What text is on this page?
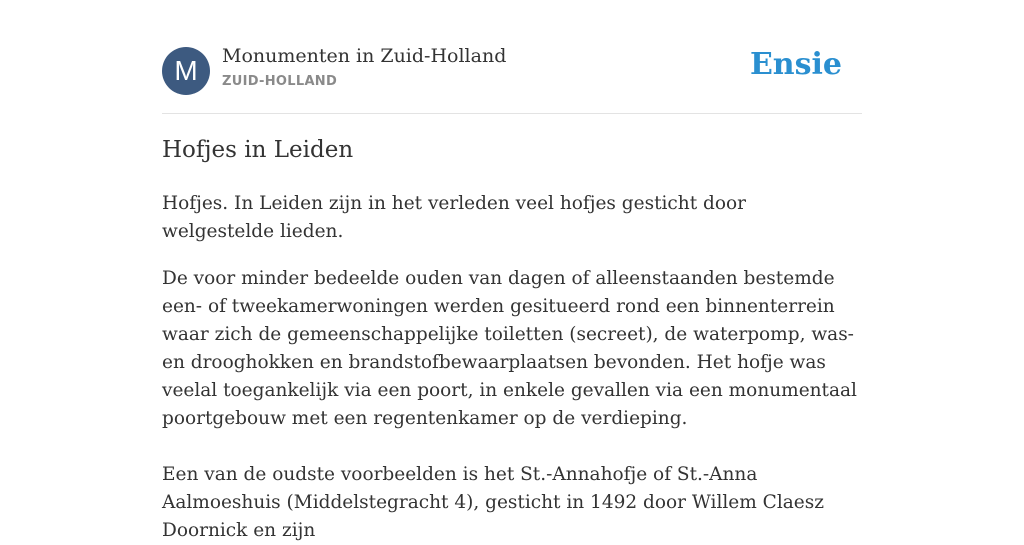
M	Monumenten in Zuid-Holland
ZUID-HOLLAND	Ensie
Hofjes in Leiden

Hofjes. In Leiden zijn in het verleden veel hofjes gesticht door welgestelde lieden.

De voor minder bedeelde ouden van dagen of alleenstaanden bestemde een- of tweekamerwoningen werden gesitueerd rond een binnenterrein waar zich de gemeenschappelijke toiletten (secreet), de waterpomp, was- en drooghokken en brandstofbewaarplaatsen bevonden. Het hofje was veelal toegankelijk via een poort, in enkele gevallen via een monumentaal poortgebouw met een regentenkamer op de verdieping.

Een van de oudste voorbeelden is het St.-Annahofje of St.-Anna Aalmoeshuis (Middelstegracht 4), gesticht in 1492 door Willem Claesz Doornick en zijn
